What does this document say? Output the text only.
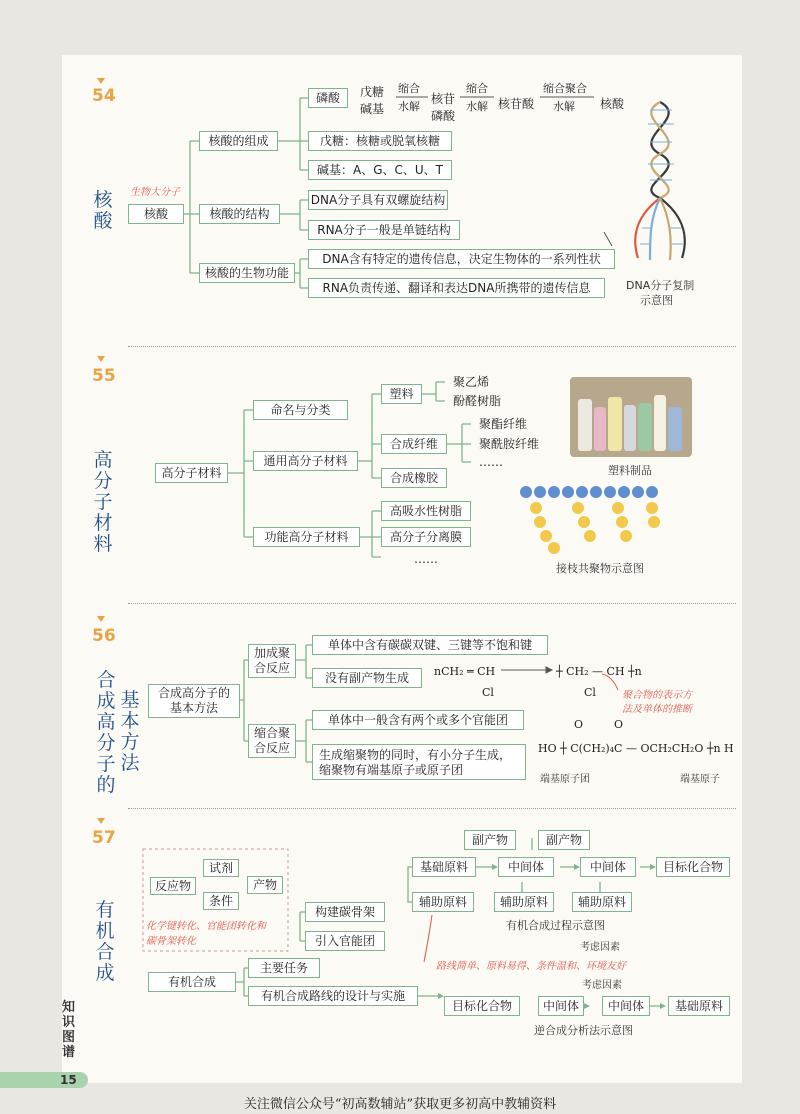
54
核酸
生物大分子
核酸
核酸的组成
核酸的结构
核酸的生物功能
磷酸
戊糖：核糖或脱氧核糖
碱基：A、G、C、U、T
戊糖
碱基
缩合
水解
核苷
磷酸
缩合
水解 核苷酸
缩合聚合
水解 核酸
DNA分子具有双螺旋结构
RNA分子一般是单链结构
DNA含有特定的遗传信息，决定生物体的一系列性状
RNA负责传递、翻译和表达DNA所携带的遗传信息	DNA分子复制
示意图
55
高分子材料
高分子材料
命名与分类
通用高分子材料
功能高分子材料
塑料
聚乙烯
酚醛树脂
合成纤维
聚酯纤维
聚酰胺纤维
……
合成橡胶
高吸水性树脂
高分子分离膜
……
塑料制品
接枝共聚物示意图
56
合成高分子的
基本方法
合成高分子的基本方法
加成聚合反应
缩合聚合反应
单体中含有碳碳双键、三键等不饱和键
没有副产物生成
单体中一般含有两个或多个官能团
生成缩聚物的同时，有小分子生成，
缩聚物有端基原子或原子团
nCH₂ ═ CH
Cl
┼ CH₂ — CH ┼n
Cl	聚合物的表示方
法及单体的推断
O	O
HO ┼ C(CH₂)₄C — OCH₂CH₂O ┼n H
端基原子团	端基原子
57
有机合成
试剂
反应物
条件
产物
化学键转化、官能团转化和
碳骨架转化
有机合成
主要任务
有机合成路线的设计与实施
构建碳骨架
引入官能团
副产物	副产物
基础原料	中间体	中间体	目标化合物
辅助原料	辅助原料	辅助原料
有机合成过程示意图
考虑因素
路线简单、原料易得、条件温和、环境友好
考虑因素
目标化合物	中间体	中间体	基础原料
逆合成分析法示意图
知识图谱
15
关注微信公众号“初高数辅站”获取更多初高中教辅资料
